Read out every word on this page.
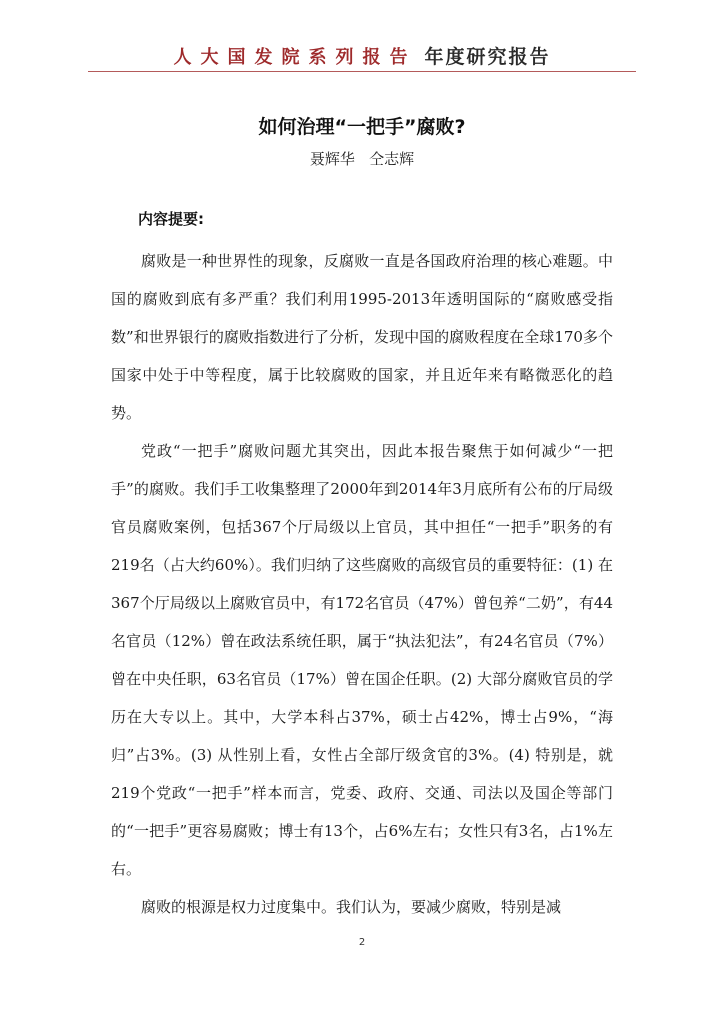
人大国发院系列报告 年度研究报告
如何治理“一把手”腐败?
聂辉华   仝志辉
内容提要:

腐败是一种世界性的现象，反腐败一直是各国政府治理的核心难题。中国的腐败到底有多严重？我们利用1995-2013年透明国际的“腐败感受指数”和世界银行的腐败指数进行了分析，发现中国的腐败程度在全球170多个国家中处于中等程度，属于比较腐败的国家，并且近年来有略微恶化的趋势。

党政“一把手”腐败问题尤其突出，因此本报告聚焦于如何减少“一把手”的腐败。我们手工收集整理了2000年到2014年3月底所有公布的厅局级官员腐败案例，包括367个厅局级以上官员，其中担任“一把手”职务的有219名（占大约60%）。我们归纳了这些腐败的高级官员的重要特征：(1) 在367个厅局级以上腐败官员中，有172名官员（47%）曾包养“二奶”，有44名官员（12%）曾在政法系统任职，属于“执法犯法”，有24名官员（7%）曾在中央任职，63名官员（17%）曾在国企任职。(2) 大部分腐败官员的学历在大专以上。其中，大学本科占37%，硕士占42%，博士占9%，“海归”占3%。(3) 从性别上看，女性占全部厅级贪官的3%。(4) 特别是，就219个党政“一把手”样本而言，党委、政府、交通、司法以及国企等部门的“一把手”更容易腐败；博士有13个，占6%左右；女性只有3名，占1%左右。

腐败的根源是权力过度集中。我们认为，要减少腐败，特别是减

2
